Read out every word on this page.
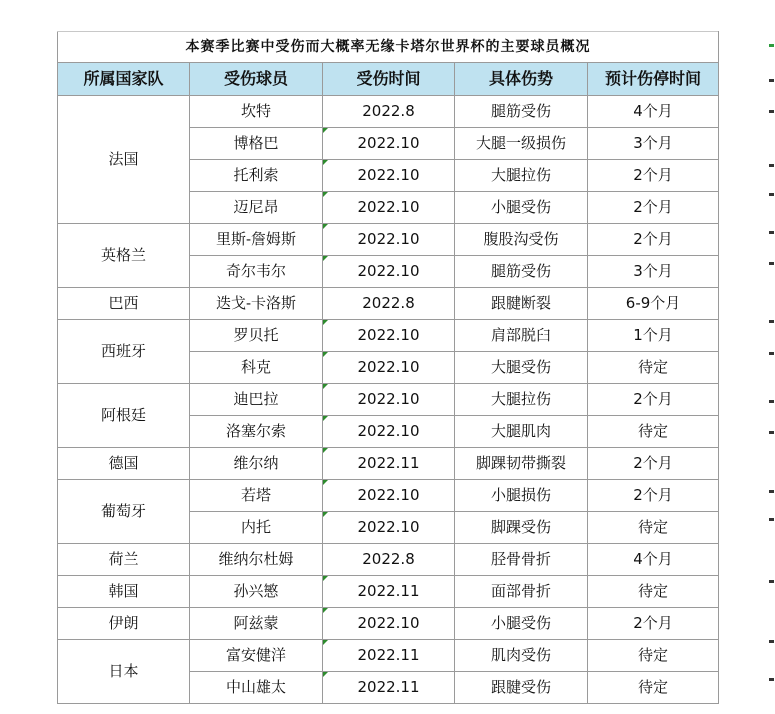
本赛季比赛中受伤而大概率无缘卡塔尔世界杯的主要球员概况				
所属国家队	受伤球员	受伤时间	具体伤势	预计伤停时间
法国	坎特	2022.8	腿筋受伤	4个月
	博格巴	2022.10	大腿一级损伤	3个月
	托利索	2022.10	大腿拉伤	2个月
	迈尼昂	2022.10	小腿受伤	2个月
英格兰	里斯-詹姆斯	2022.10	腹股沟受伤	2个月
	奇尔韦尔	2022.10	腿筋受伤	3个月
巴西	迭戈-卡洛斯	2022.8	跟腱断裂	6-9个月
西班牙	罗贝托	2022.10	肩部脱臼	1个月
	科克	2022.10	大腿受伤	待定
阿根廷	迪巴拉	2022.10	大腿拉伤	2个月
	洛塞尔索	2022.10	大腿肌肉	待定
德国	维尔纳	2022.11	脚踝韧带撕裂	2个月
葡萄牙	若塔	2022.10	小腿损伤	2个月
	内托	2022.10	脚踝受伤	待定
荷兰	维纳尔杜姆	2022.8	胫骨骨折	4个月
韩国	孙兴慜	2022.11	面部骨折	待定
伊朗	阿兹蒙	2022.10	小腿受伤	2个月
日本	富安健洋	2022.11	肌肉受伤	待定
	中山雄太	2022.11	跟腱受伤	待定
